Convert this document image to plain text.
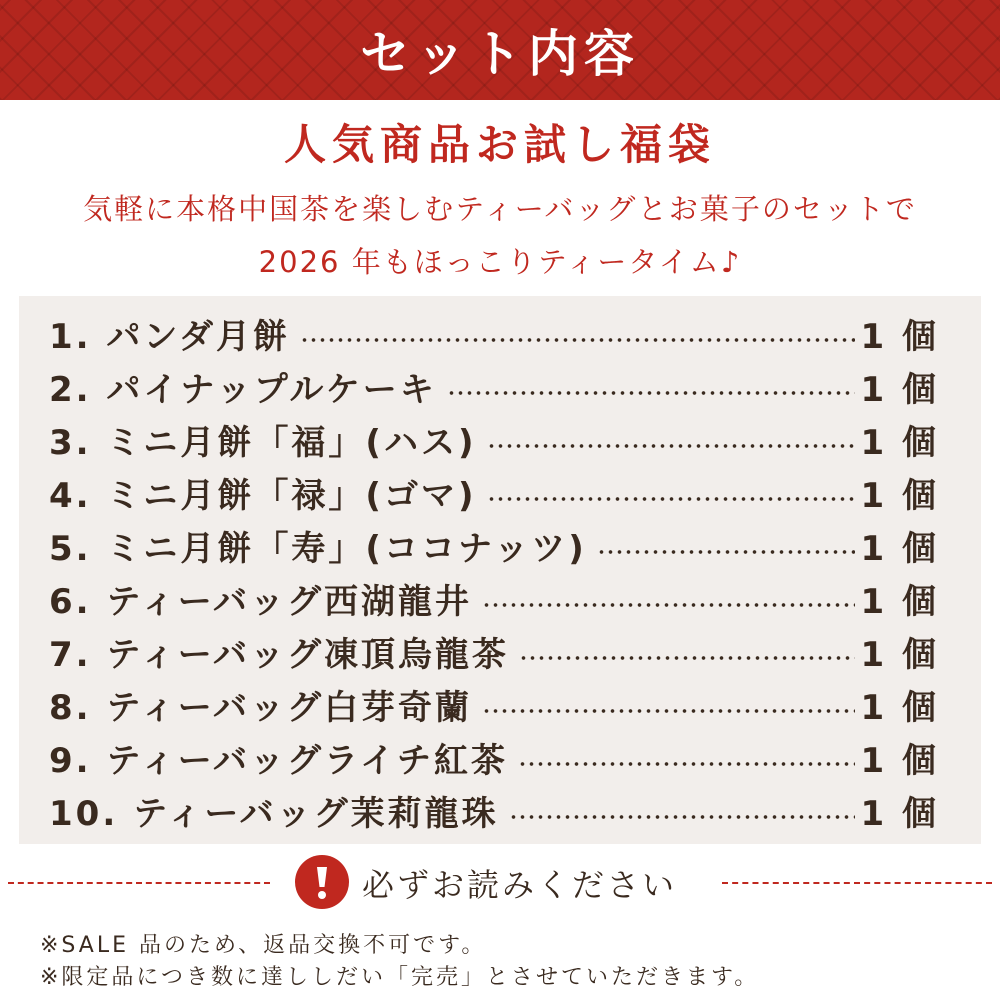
セット内容
人気商品お試し福袋
気軽に本格中国茶を楽しむティーバッグとお菓子のセットで
2026 年もほっこりティータイム♪
1. パンダ月餅	1 個
2. パイナップルケーキ	1 個
3. ミニ月餅「福」(ハス)	1 個
4. ミニ月餅「禄」(ゴマ)	1 個
5. ミニ月餅「寿」(ココナッツ)	1 個
6. ティーバッグ西湖龍井	1 個
7. ティーバッグ凍頂烏龍茶	1 個
8. ティーバッグ白芽奇蘭	1 個
9. ティーバッグライチ紅茶	1 個
10. ティーバッグ茉莉龍珠	1 個
必ずお読みください
※SALE 品のため、返品交換不可です。
※限定品につき数に達ししだい「完売」とさせていただきます。
